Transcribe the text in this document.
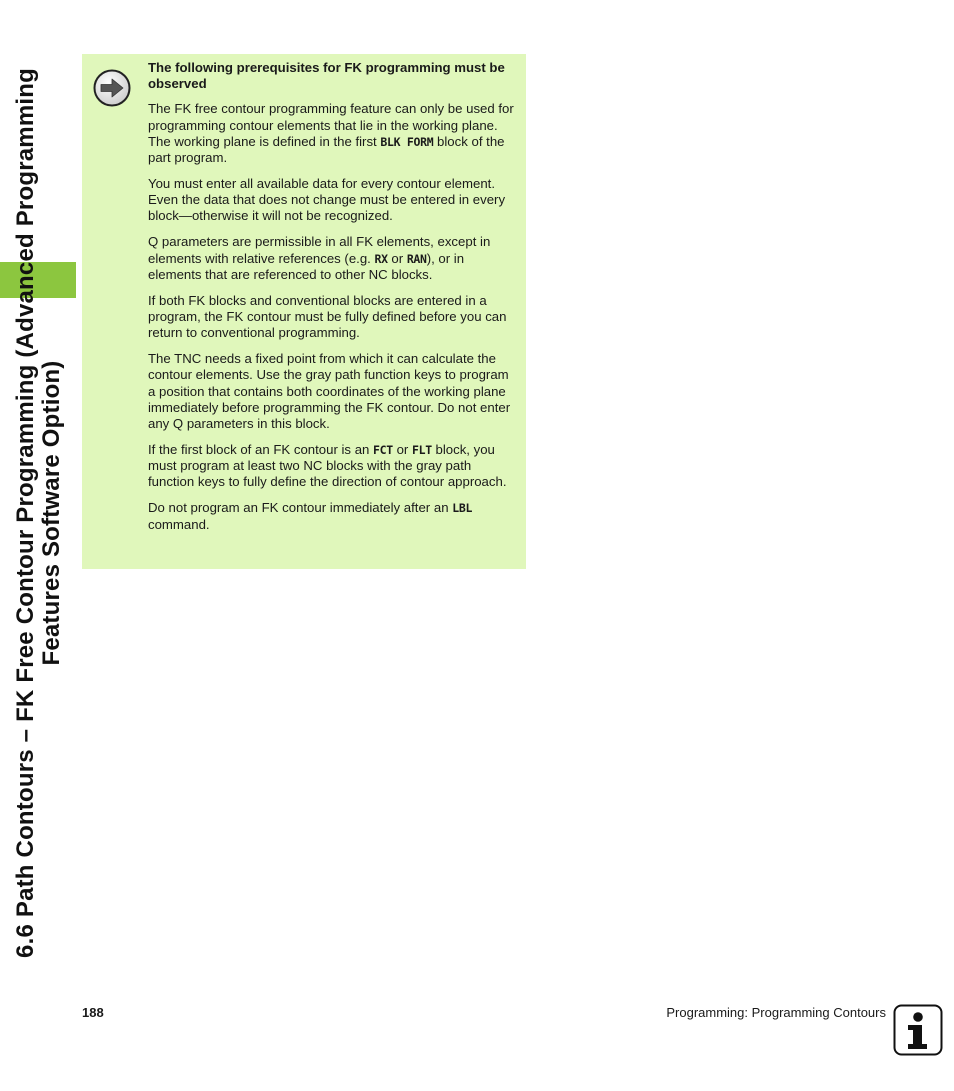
6.6 Path Contours – FK Free Contour Programming (Advanced Programming Features Software Option)
The following prerequisites for FK programming must be observed
The FK free contour programming feature can only be used for programming contour elements that lie in the working plane. The working plane is defined in the first BLK FORM block of the part program.
You must enter all available data for every contour element. Even the data that does not change must be entered in every block—otherwise it will not be recognized.
Q parameters are permissible in all FK elements, except in elements with relative references (e.g. RX or RAN), or in elements that are referenced to other NC blocks.
If both FK blocks and conventional blocks are entered in a program, the FK contour must be fully defined before you can return to conventional programming.
The TNC needs a fixed point from which it can calculate the contour elements. Use the gray path function keys to program a position that contains both coordinates of the working plane immediately before programming the FK contour. Do not enter any Q parameters in this block.
If the first block of an FK contour is an FCT or FLT block, you must program at least two NC blocks with the gray path function keys to fully define the direction of contour approach.
Do not program an FK contour immediately after an LBL command.
188	Programming: Programming Contours
